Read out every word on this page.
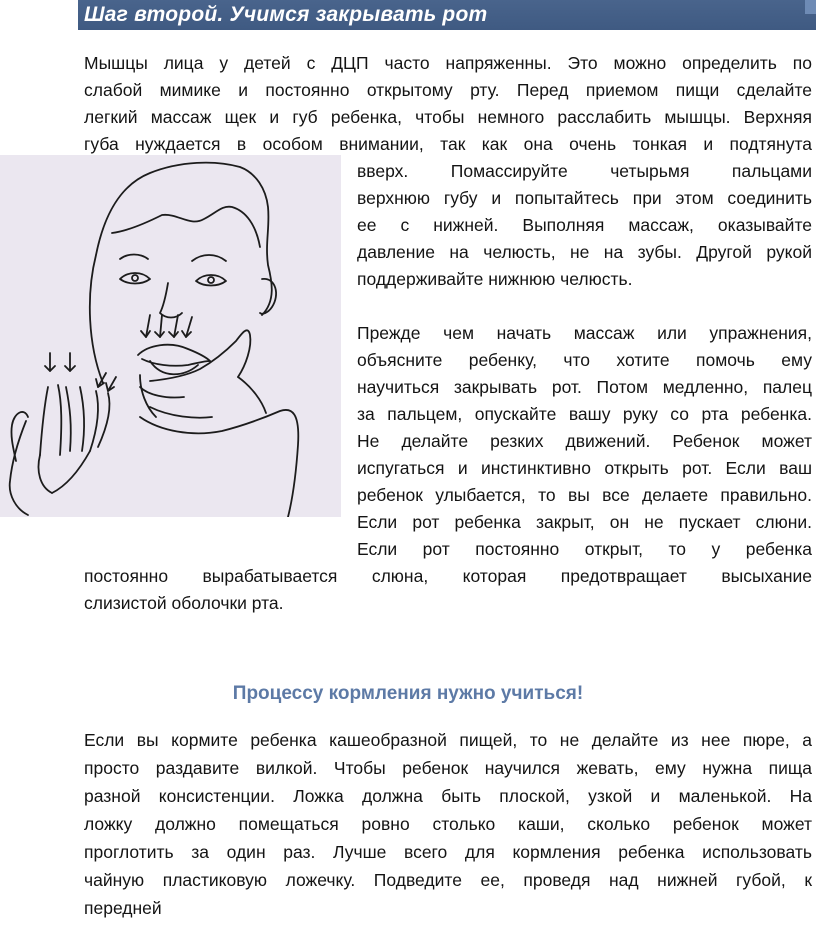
Шаг второй. Учимся закрывать рот
Мышцы лица у детей с ДЦП часто напряженны. Это можно определить по
слабой мимике и постоянно открытому рту. Перед приемом пищи сделайте
легкий массаж щек и губ ребенка, чтобы немного расслабить мышцы. Верхняя
губа нуждается в особом внимании, так как она очень тонкая и подтянута
вверх. Помассируйте четырьмя пальцами
верхнюю губу и попытайтесь при этом соединить
ее с нижней. Выполняя массаж, оказывайте
давление на челюсть, не на зубы. Другой рукой
поддерживайте нижнюю челюсть.
Прежде чем начать массаж или упражнения,
объясните ребенку, что хотите помочь ему
научиться закрывать рот. Потом медленно, палец
за пальцем, опускайте вашу руку со рта ребенка.
Не делайте резких движений. Ребенок может
испугаться и инстинктивно открыть рот. Если ваш
ребенок улыбается, то вы все делаете правильно.
Если рот ребенка закрыт, он не пускает слюни.
Если рот постоянно открыт, то у ребенка
постоянно вырабатывается слюна, которая предотвращает высыхание
слизистой оболочки рта.
Процессу кормления нужно учиться!
Если вы кормите ребенка кашеобразной пищей, то не делайте из нее пюре, а
просто раздавите вилкой. Чтобы ребенок научился жевать, ему нужна пища
разной консистенции. Ложка должна быть плоской, узкой и маленькой. На
ложку должно помещаться ровно столько каши, сколько ребенок может
проглотить за один раз. Лучше всего для кормления ребенка использовать
чайную пластиковую ложечку. Подведите ее, проведя над нижней губой, к
передней
